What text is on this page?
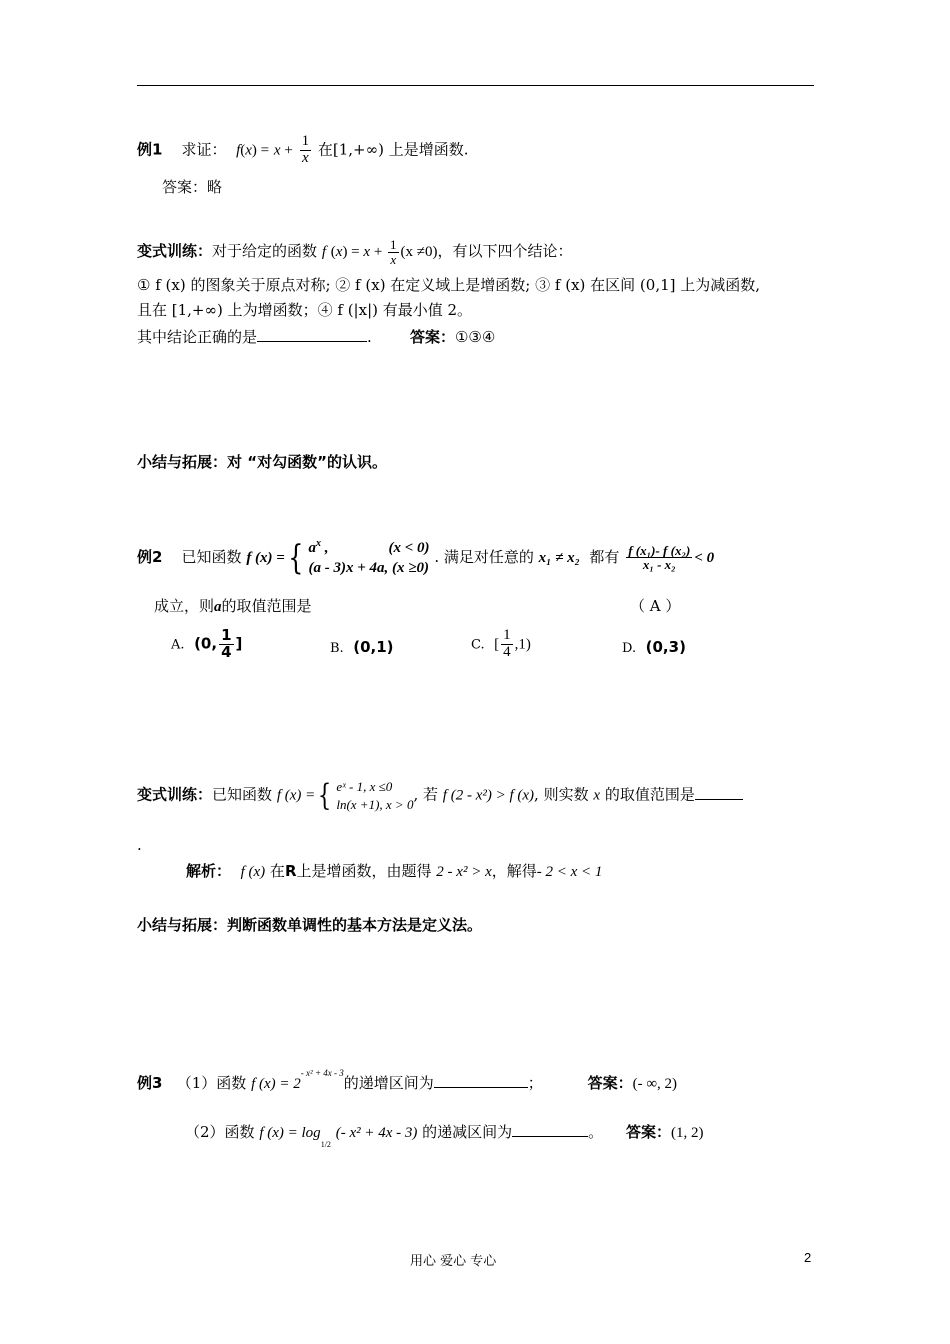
例1 求证： $f(x) = x + \frac{1}{x}$ 在[1,+∞) 上是增函数.
答案：略
变式训练：对于给定的函数 f $(x) = x + \frac{1}{x} (x \ne 0)$，有以下四个结论：
① f (x) 的图象关于原点对称; ② f (x) 在定义域上是增函数; ③ f (x) 在区间 (0,1] 上为减函数,
且在 [1,+∞) 上为增函数；④ f (|x|) 有最小值 2。
其中结论正确的是	.	答案：①③④
小结与拓展：对 “对勾函数”的认识。
例2 已知函数 f (x) ={ $a^x$ ,	(x < 0)
(a - 3)x + 4a, (x ≥0)
. 满足对任意的 x₁ ≠ x₂ 都有 $\frac{\text{f (x₁)- f (x₂)}}{\text{x₁ - x₂}} < 0$
成立，则a的取值范围是	（ A ）
A. (0, $\frac{1}{4}$ ]	B. (0,1)	C. [ $\frac{1}{4} ,1$)	D. (0,3)
变式训练：已知函数 f (x) ={ eˣ - 1, x ≤0
ln(x +1), x > 0
, 若 f (2 - x²) > f (x), 则实数 x 的取值范围是
.
解析： f (x) 在R上是增函数，由题得 2 - x² > x，解得- 2 < x < 1
小结与拓展：判断函数单调性的基本方法是定义法。
例3 （1）函数 f $(x) = 2^{- x^2 + 4x - 3}$的递增区间为	；	答案：(- ∞, 2)
（2）函数 f $(x) = \log_{1/2}$ (- x² + 4x - 3) 的递减区间为	。 答案：(1, 2)
用心 爱心 专心	2
